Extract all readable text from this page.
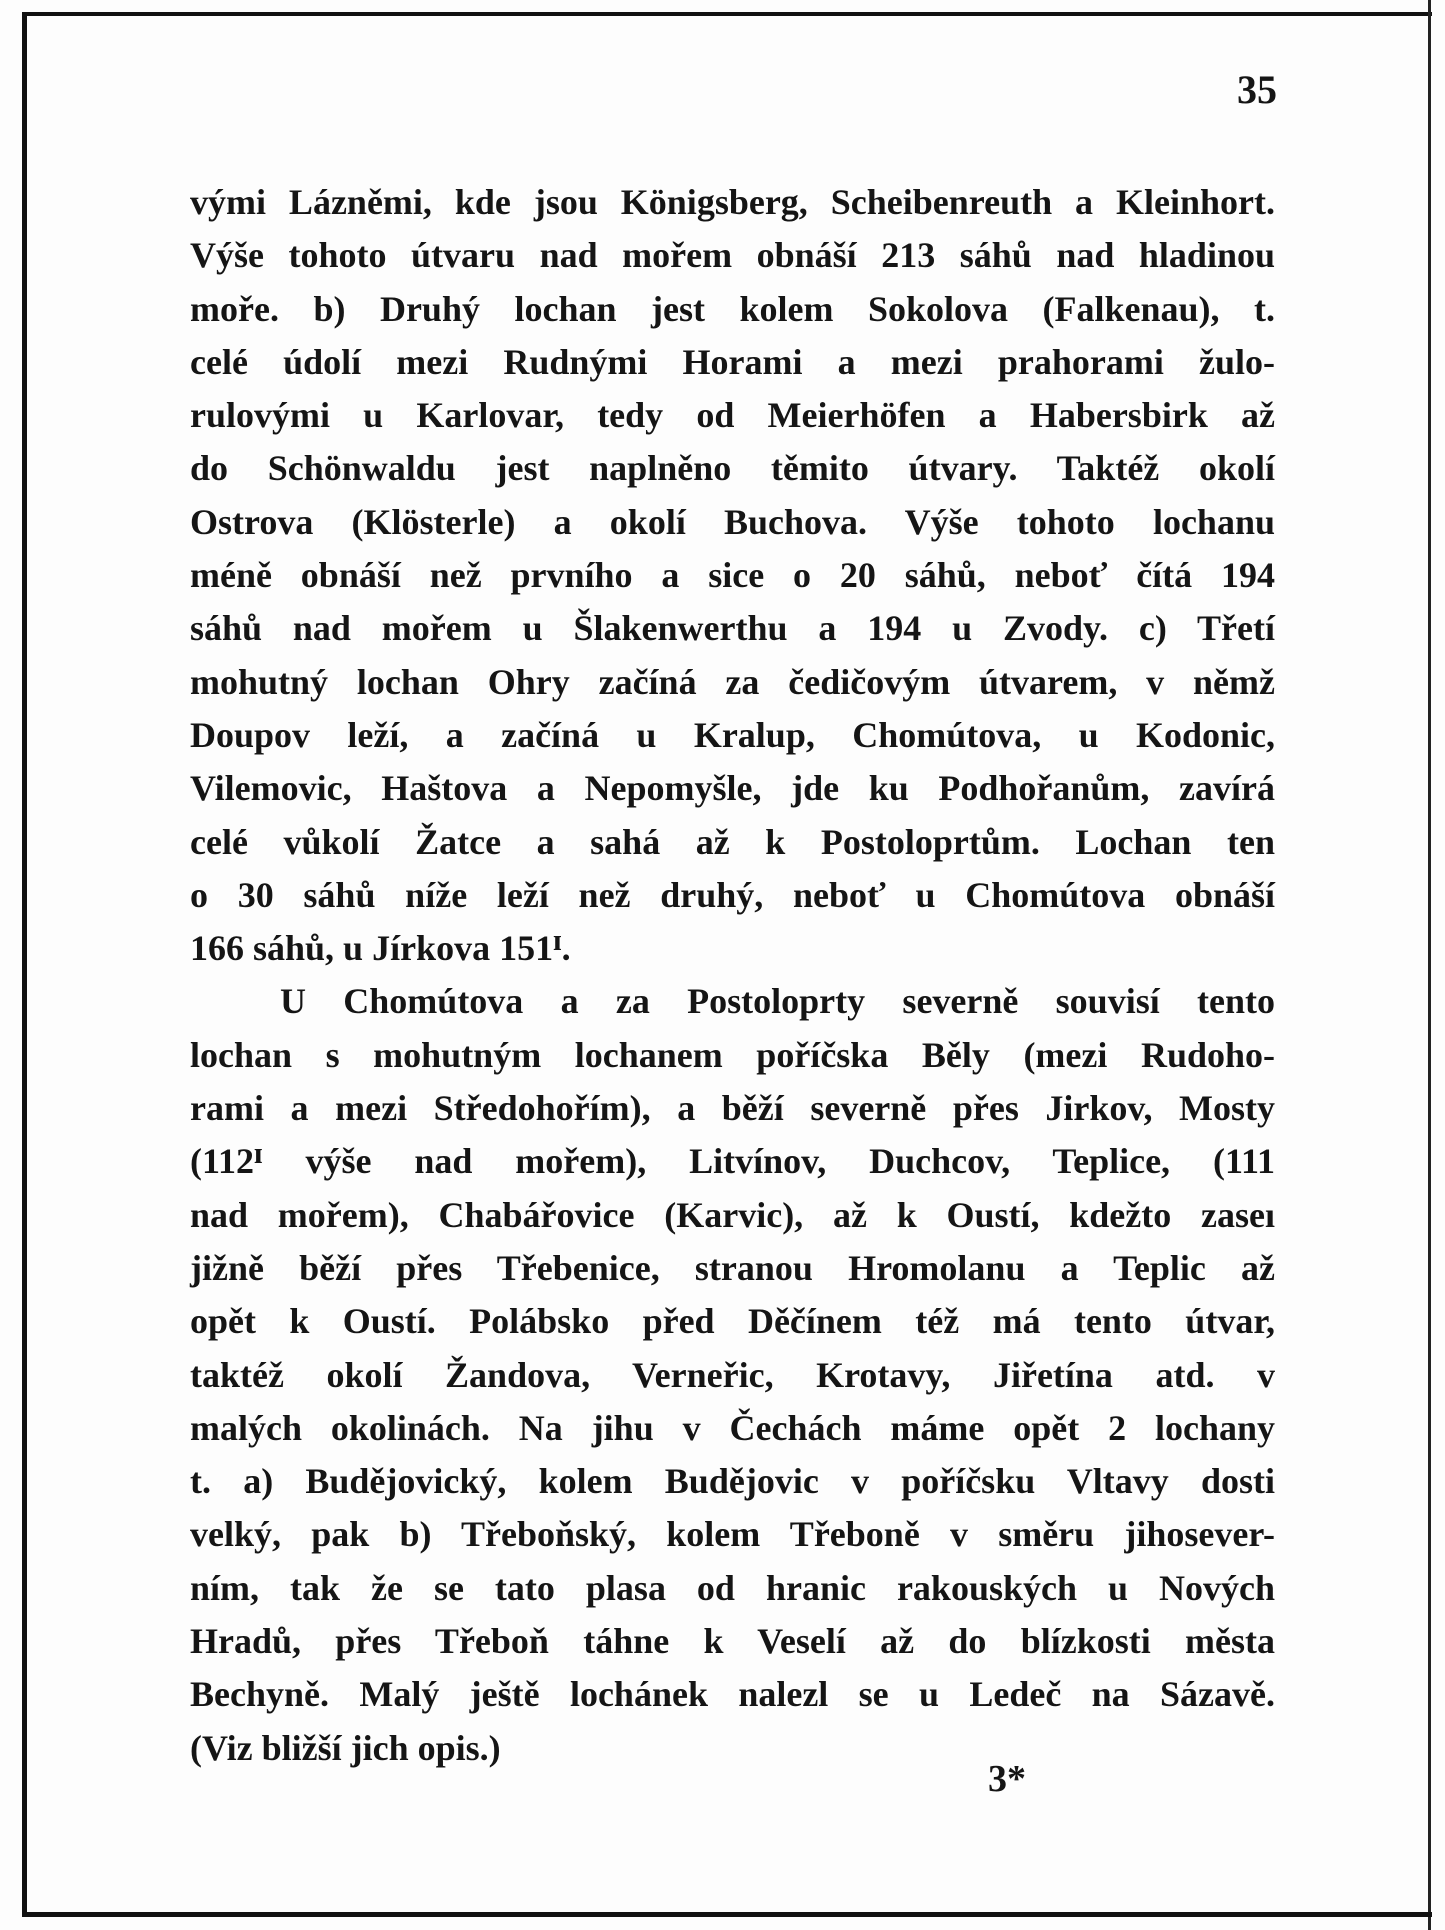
35
vými Lázněmi, kde jsou Königsberg, Scheibenreuth a Kleinhort.
Výše tohoto útvaru nad mořem obnáší 213 sáhů nad hladinou
moře. b) Druhý lochan jest kolem Sokolova (Falkenau), t.
celé údolí mezi Rudnými Horami a mezi prahorami žulo-
rulovými u Karlovar, tedy od Meierhöfen a Habersbirk až
do Schönwaldu jest naplněno těmito útvary. Taktéž okolí
Ostrova (Klösterle) a okolí Buchova. Výše tohoto lochanu
méně obnáší než prvního a sice o 20 sáhů, neboť čítá 194
sáhů nad mořem u Šlakenwerthu a 194 u Zvody. c) Třetí
mohutný lochan Ohry začíná za čedičovým útvarem, v němž
Doupov leží, a začíná u Kralup, Chomútova, u Kodonic,
Vilemovic, Haštova a Nepomyšle, jde ku Podhořanům, zavírá
celé vůkolí Žatce a sahá až k Postoloprtům. Lochan ten
o 30 sáhů níže leží než druhý, neboť u Chomútova obnáší
166 sáhů, u Jírkova 151ᴵ.
U Chomútova a za Postoloprty severně souvisí tento
lochan s mohutným lochanem poříčska Běly (mezi Rudoho-
rami a mezi Středohořím), a běží severně přes Jirkov, Mosty
(112ᴵ výše nad mořem), Litvínov, Duchcov, Teplice, (111
nad mořem), Chabářovice (Karvic), až k Oustí, kdežto zaseı
jižně běží přes Třebenice, stranou Hromolanu a Teplic až
opět k Oustí. Polábsko před Děčínem též má tento útvar,
taktéž okolí Žandova, Verneřic, Krotavy, Jiřetína atd. v
malých okolinách. Na jihu v Čechách máme opět 2 lochany
t. a) Budějovický, kolem Budějovic v poříčsku Vltavy dosti
velký, pak b) Třeboňský, kolem Třeboně v směru jihosever-
ním, tak že se tato plasa od hranic rakouských u Nových
Hradů, přes Třeboň táhne k Veselí až do blízkosti města
Bechyně. Malý ještě lochánek nalezl se u Ledeč na Sázavě.
(Viz bližší jich opis.)
3*
